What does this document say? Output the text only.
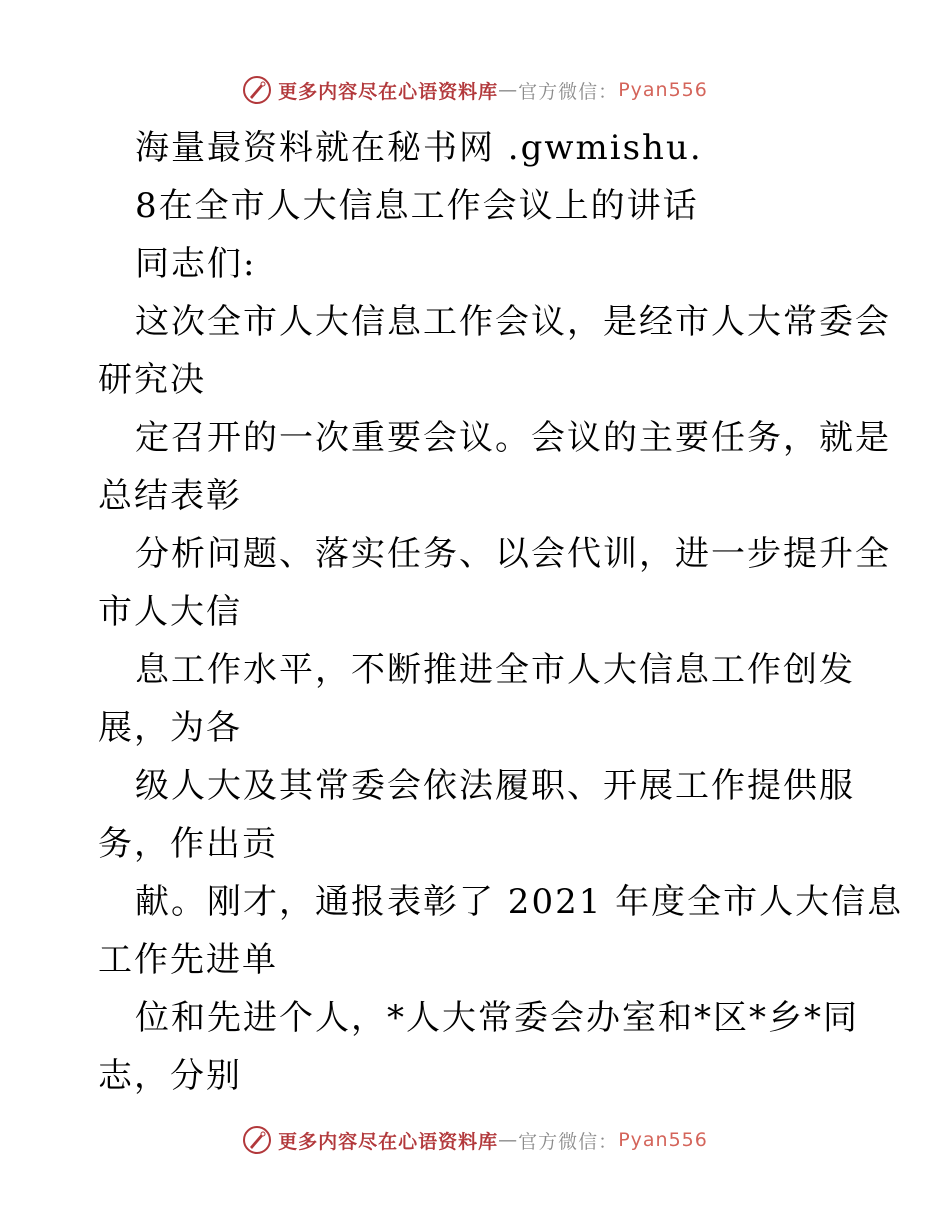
更多内容尽在心语资料库 — 官方微信： Pyan556
海量最资料就在秘书网 .gwmishu.
8在全市人大信息工作会议上的讲话
同志们:
这次全市人大信息工作会议，是经市人大常委会
研究决
定召开的一次重要会议。会议的主要任务，就是
总结表彰
分析问题、落实任务、以会代训，进一步提升全
市人大信
息工作水平，不断推进全市人大信息工作创发
展，为各
级人大及其常委会依法履职、开展工作提供服
务，作出贡
献。刚才，通报表彰了 2021 年度全市人大信息
工作先进单
位和先进个人，*人大常委会办室和*区*乡*同
志，分别
更多内容尽在心语资料库 — 官方微信： Pyan556
